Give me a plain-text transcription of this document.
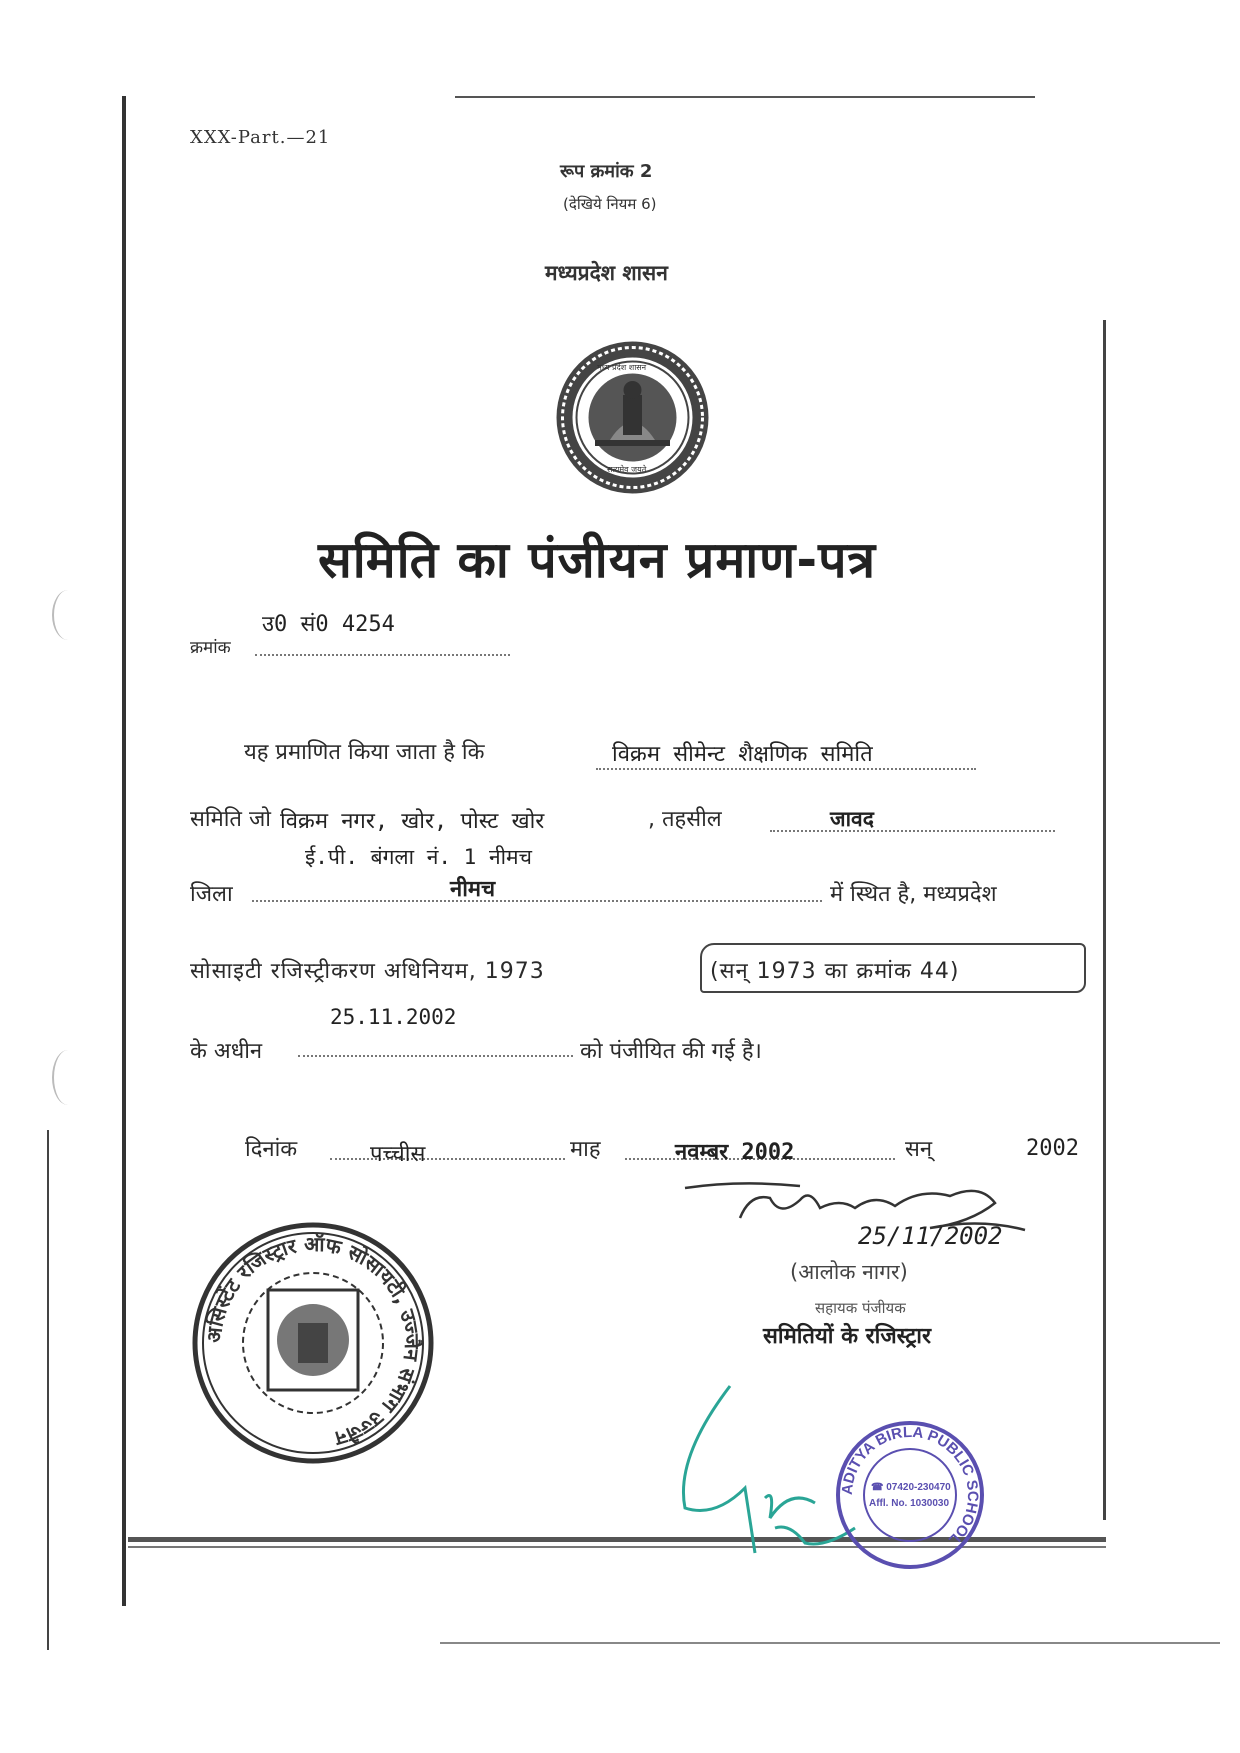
XXX-Part.—21
रूप क्रमांक 2
(देखिये नियम 6)
मध्यप्रदेश शासन
मध्य प्रदेश शासन
सत्यमेव जयते
समिति का पंजीयन प्रमाण-पत्र
उ0 सं0 4254
क्रमांक
यह प्रमाणित किया जाता है कि	विक्रम सीमेन्ट शैक्षणिक समिति
समिति जो विक्रम नगर, खोर, पोस्ट खोर	, तहसील	जावद
ई.पी. बंगला नं. 1 नीमच
जिला	नीमच	में स्थित है, मध्यप्रदेश
सोसाइटी रजिस्ट्रीकरण अधिनियम, 1973	(सन् 1973 का क्रमांक 44)
25.11.2002
के अधीन	को पंजीयित की गई है।
दिनांक	पच्चीस	माह	नवम्बर 2002	सन्	2002
25/11/2002
(आलोक नागर)
सहायक पंजीयक
समितियों के रजिस्ट्रार
असिस्टेंट रजिस्ट्रार ऑफ सोसायटी, उज्जैन संभाग उज्जैन
ADITYA BIRLA PUBLIC SCHOOL
☎ 07420-230470
Affl. No. 1030030
